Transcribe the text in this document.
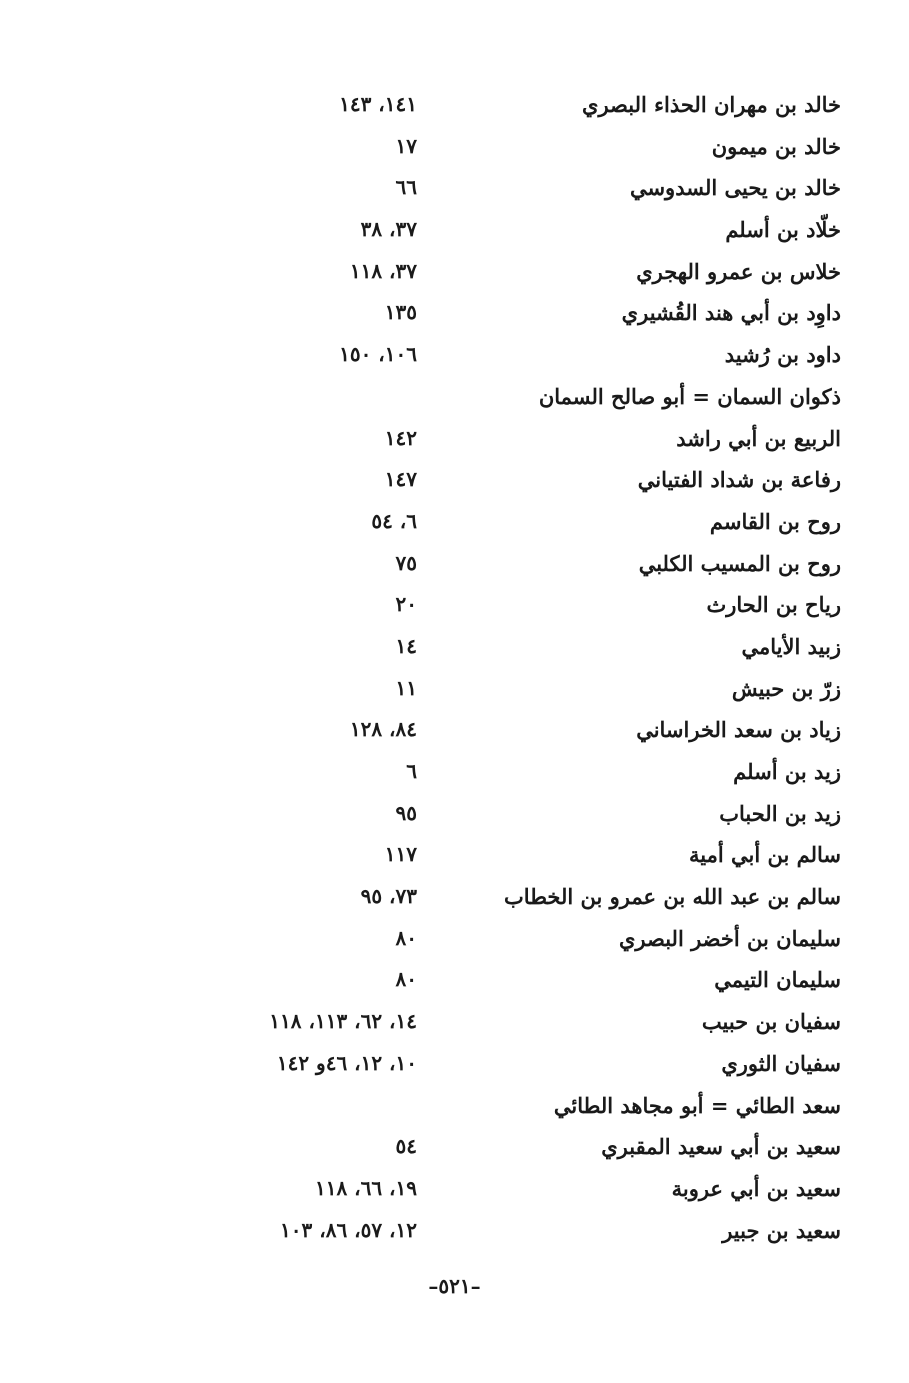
خالد بن مهران الحذاء البصري
١٤١، ١٤٣
خالد بن ميمون
١٧
خالد بن يحيى السدوسي
٦٦
خلّاد بن أسلم
٣٧، ٣٨
خلاس بن عمرو الهجري
٣٧، ١١٨
داوِد بن أبي هند القُشيري
١٣٥
داود بن رُشيد
١٠٦، ١٥٠
ذكوان السمان = أبو صالح السمان
الربيع بن أبي راشد
١٤٢
رفاعة بن شداد الفتياني
١٤٧
روح بن القاسم
٦، ٥٤
روح بن المسيب الكلبي
٧٥
رياح بن الحارث
٢٠
زبيد الأيامي
١٤
زرّ بن حبيش
١١
زياد بن سعد الخراساني
٨٤، ١٢٨
زيد بن أسلم
٦
زيد بن الحباب
٩٥
سالم بن أبي أمية
١١٧
سالم بن عبد الله بن عمرو بن الخطاب
٧٣، ٩٥
سليمان بن أخضر البصري
٨٠
سليمان التيمي
٨٠
سفيان بن حبيب
١٤، ٦٢، ١١٣، ١١٨
سفيان الثوري
١٠، ١٢، ٤٦و ١٤٢
سعد الطائي = أبو مجاهد الطائي
سعيد بن أبي سعيد المقبري
٥٤
سعيد بن أبي عروبة
١٩، ٦٦، ١١٨
سعيد بن جبير
١٢، ٥٧، ٨٦، ١٠٣
–٥٢١–
